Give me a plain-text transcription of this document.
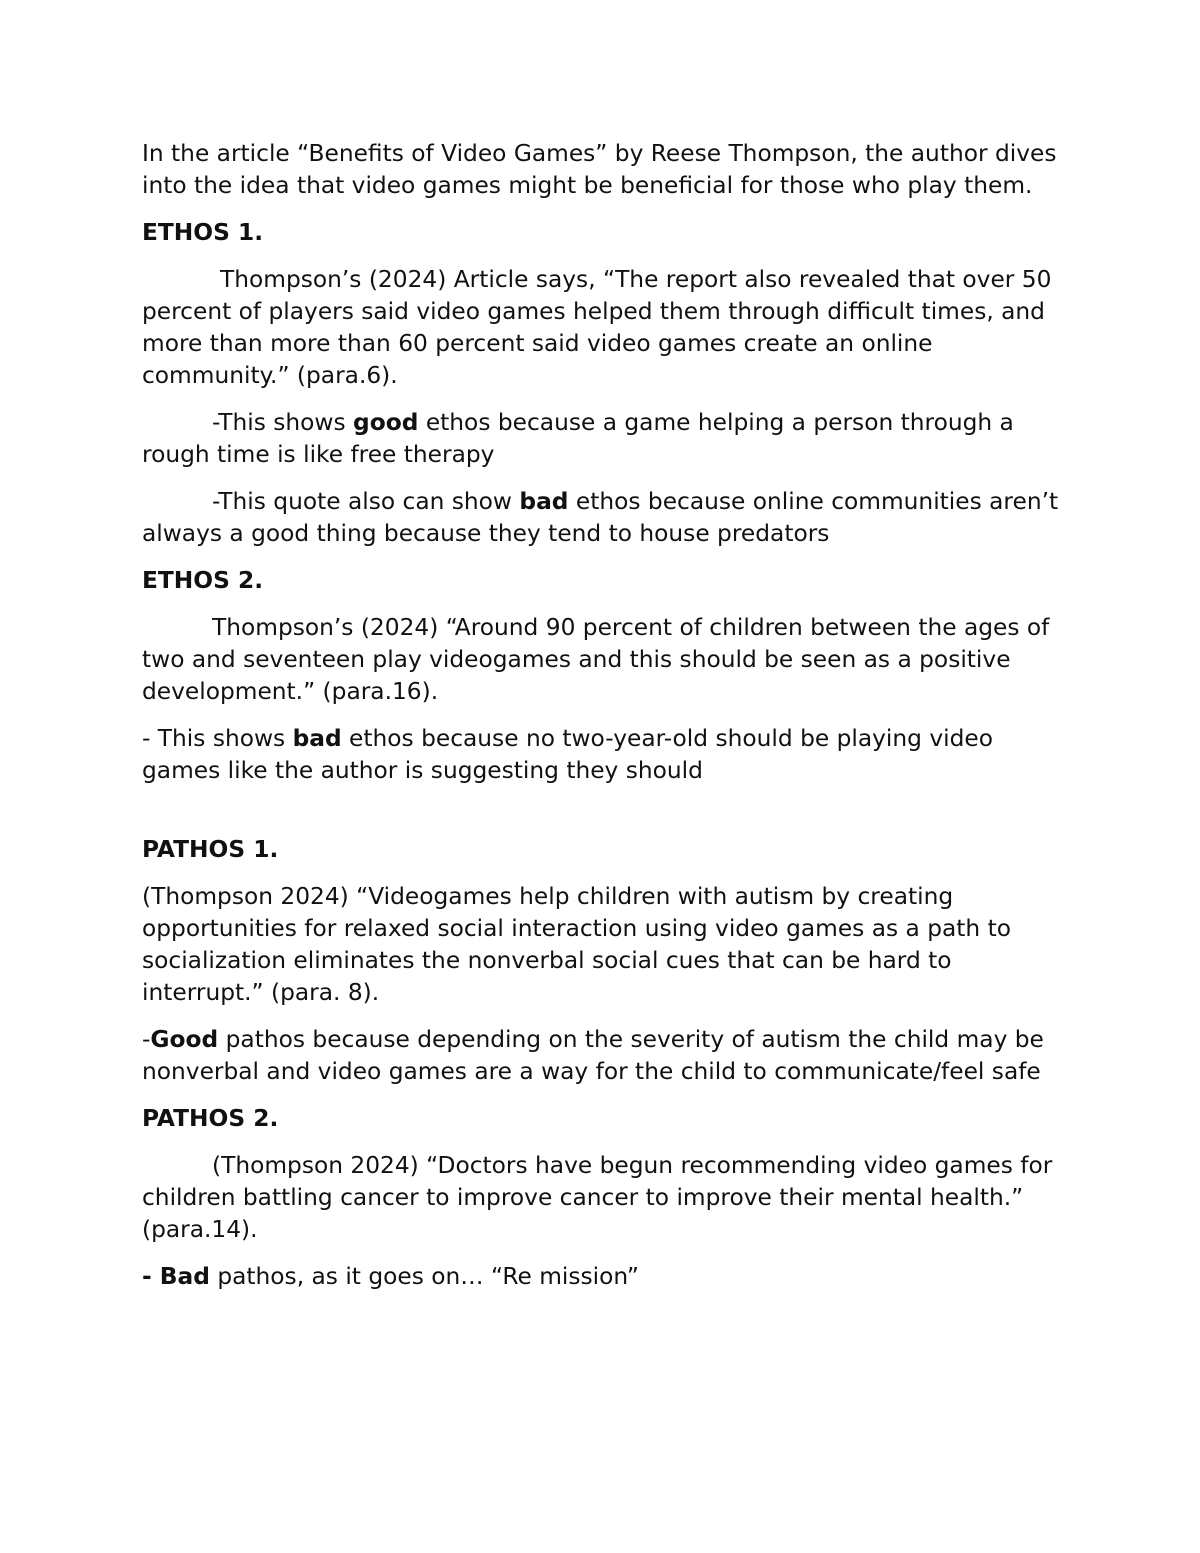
In the article “Benefits of Video Games” by Reese Thompson, the author dives into the idea that video games might be beneficial for those who play them.

ETHOS 1.

Thompson’s (2024) Article says, “The report also revealed that over 50 percent of players said video games helped them through difficult times, and more than more than 60 percent said video games create an online community.” (para.6).

-This shows good ethos because a game helping a person through a rough time is like free therapy

-This quote also can show bad ethos because online communities aren’t always a good thing because they tend to house predators

ETHOS 2.

Thompson’s (2024) “Around 90 percent of children between the ages of two and seventeen play videogames and this should be seen as a positive development.” (para.16).

- This shows bad ethos because no two-year-old should be playing video games like the author is suggesting they should

PATHOS 1.

(Thompson 2024) “Videogames help children with autism by creating opportunities for relaxed social interaction using video games as a path to socialization eliminates the nonverbal social cues that can be hard to interrupt.” (para. 8).

-Good pathos because depending on the severity of autism the child may be nonverbal and video games are a way for the child to communicate/feel safe

PATHOS 2.

(Thompson 2024) “Doctors have begun recommending video games for children battling cancer to improve cancer to improve their mental health.” (para.14).

- Bad pathos, as it goes on… “Re mission”
